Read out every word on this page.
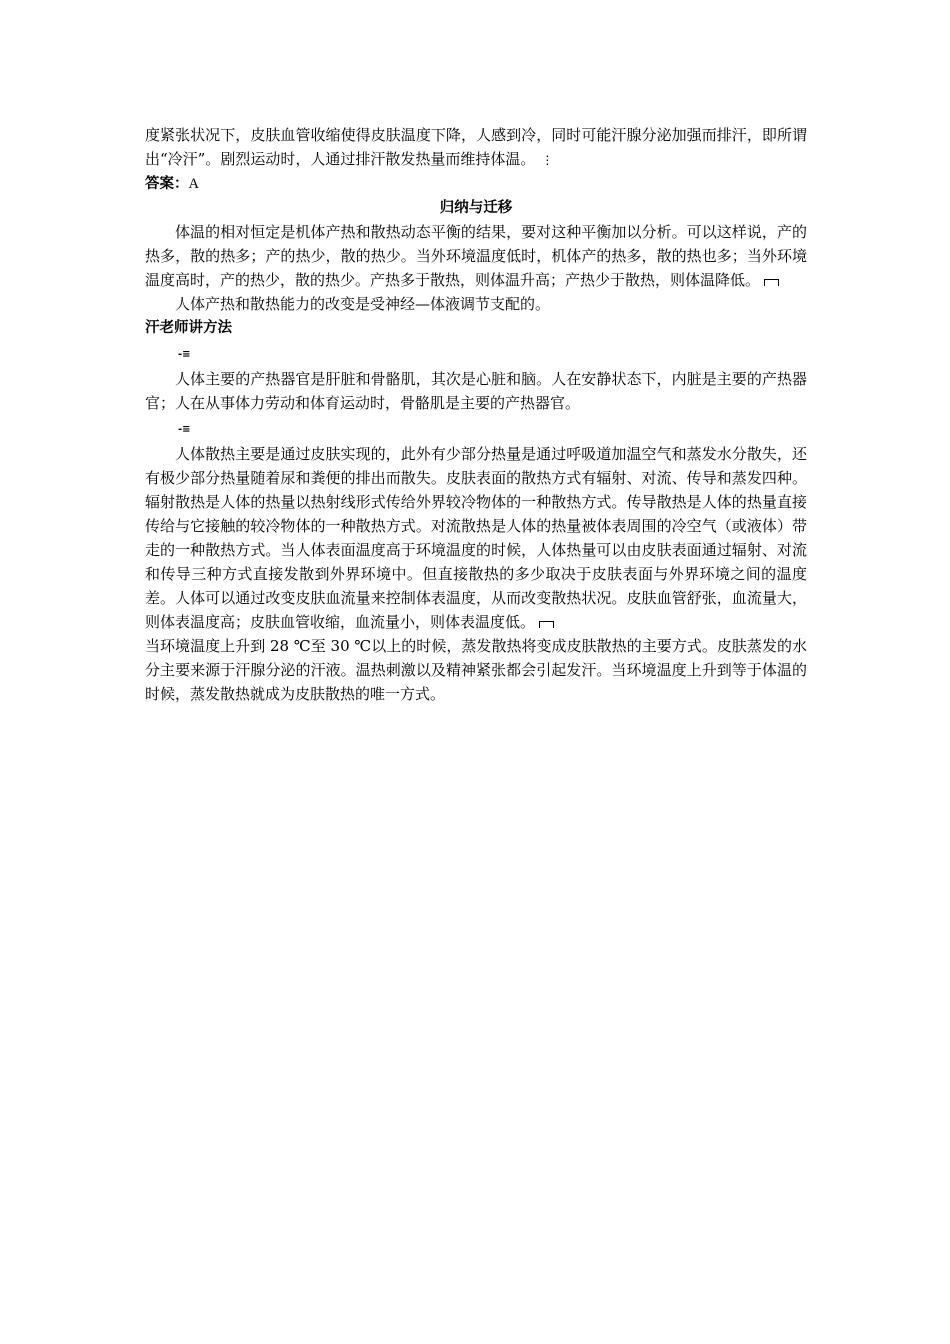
度紧张状况下，皮肤血管收缩使得皮肤温度下降，人感到冷，同时可能汗腺分泌加强而排汗，即所谓出“冷汗”。剧烈运动时，人通过排汗散发热量而维持体温。 ⋮

答案：A

归纳与迁移

体温的相对恒定是机体产热和散热动态平衡的结果，要对这种平衡加以分析。可以这样说，产的热多，散的热多；产的热少，散的热少。当外环境温度低时，机体产的热多，散的热也多；当外环境温度高时，产的热少，散的热少。产热多于散热，则体温升高；产热少于散热，则体温降低。

人体产热和散热能力的改变是受神经—体液调节支配的。

汗老师讲方法

-≡

人体主要的产热器官是肝脏和骨骼肌，其次是心脏和脑。人在安静状态下，内脏是主要的产热器官；人在从事体力劳动和体育运动时，骨骼肌是主要的产热器官。

-≡

人体散热主要是通过皮肤实现的，此外有少部分热量是通过呼吸道加温空气和蒸发水分散失，还有极少部分热量随着尿和粪便的排出而散失。皮肤表面的散热方式有辐射、对流、传导和蒸发四种。辐射散热是人体的热量以热射线形式传给外界较冷物体的一种散热方式。传导散热是人体的热量直接传给与它接触的较冷物体的一种散热方式。对流散热是人体的热量被体表周围的冷空气（或液体）带走的一种散热方式。当人体表面温度高于环境温度的时候，人体热量可以由皮肤表面通过辐射、对流和传导三种方式直接发散到外界环境中。但直接散热的多少取决于皮肤表面与外界环境之间的温度差。人体可以通过改变皮肤血流量来控制体表温度，从而改变散热状况。皮肤血管舒张，血流量大，则体表温度高；皮肤血管收缩，血流量小，则体表温度低。

当环境温度上升到 28 ℃至 30 ℃以上的时候，蒸发散热将变成皮肤散热的主要方式。皮肤蒸发的水分主要来源于汗腺分泌的汗液。温热刺激以及精神紧张都会引起发汗。当环境温度上升到等于体温的时候，蒸发散热就成为皮肤散热的唯一方式。
